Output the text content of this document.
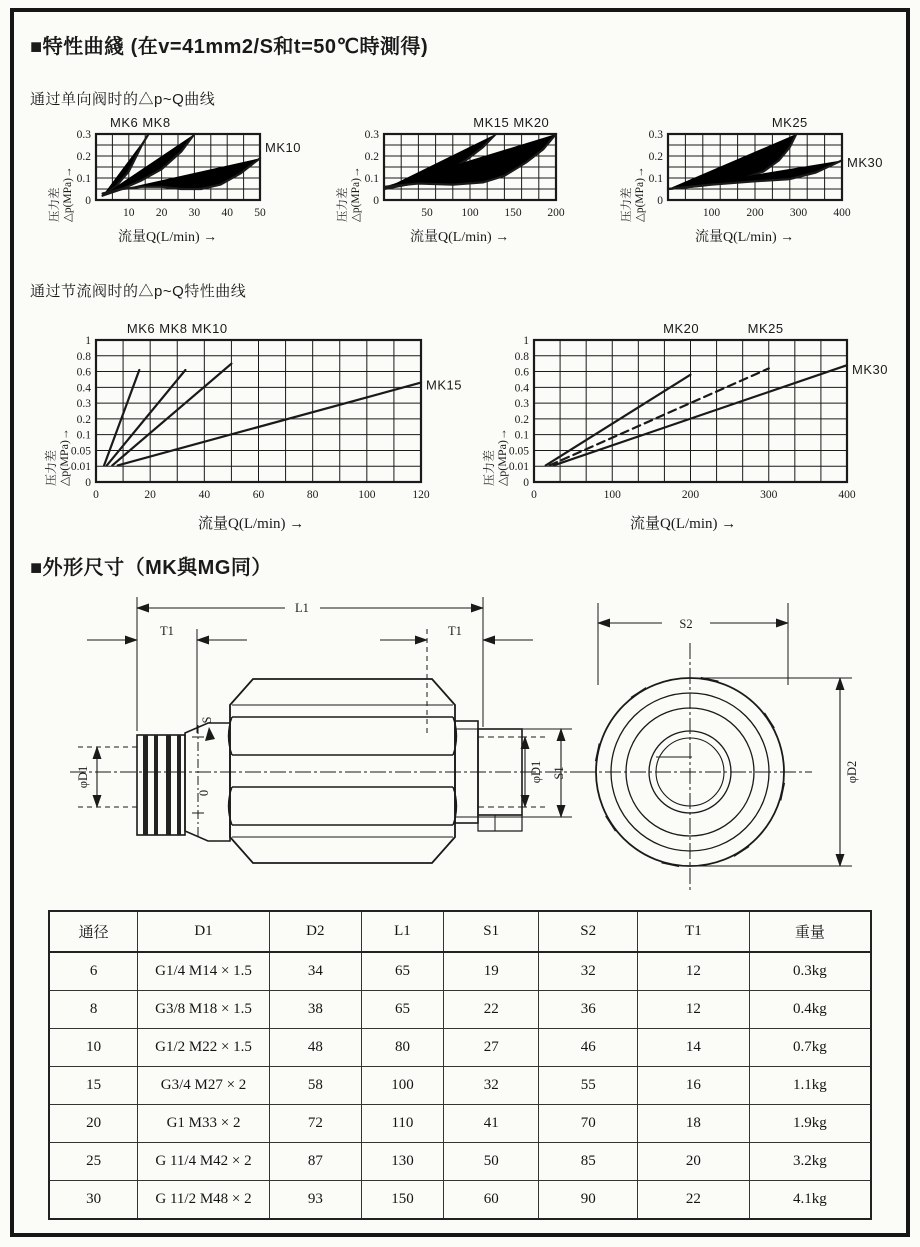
■特性曲綫 (在v=41mm2/S和t=50℃時測得)
通过单向阀时的△p~Q曲线
压力差
△p(MPa)→	10 20 30 40 50
0
0.1
0.2
0.3
MK6 MK8
MK10
流量Q(L/min) →
压力差
△p(MPa)→	50 100 150 200
0
0.1
0.2
0.3
MK15 MK20
流量Q(L/min) →
压力差
△p(MPa)→	100 200 300 400
0
0.1
0.2
0.3
MK25
MK30
流量Q(L/min) →
通过节流阀时的△p~Q特性曲线
压力差
△p(MPa)→
0	20	40	60	80	100	120
0
0.01
0.05
0.1
0.2
0.3
0.4
0.6
0.8
1
MK6 MK8 MK10
MK15
流量Q(L/min) →
压力差
△p(MPa)→
0	100	200	300	400
0
0.01
0.05
0.1
0.2
0.3
0.4
0.6
0.8
1
MK20	MK25
MK30
流量Q(L/min) →
■外形尺寸（MK與MG同）
L1
T1	T1
φD1	φD1 S1
S2
φD2
S
0
通径	D1	D2	L1	S1	S2	T1	重量
6	G1/4 M14 × 1.5	34	65	19	32	12	0.3kg
8	G3/8 M18 × 1.5	38	65	22	36	12	0.4kg
10	G1/2 M22 × 1.5	48	80	27	46	14	0.7kg
15	G3/4 M27 × 2	58	100	32	55	16	1.1kg
20	G1 M33 × 2	72	110	41	70	18	1.9kg
25	G 11/4 M42 × 2	87	130	50	85	20	3.2kg
30	G 11/2 M48 × 2	93	150	60	90	22	4.1kg
